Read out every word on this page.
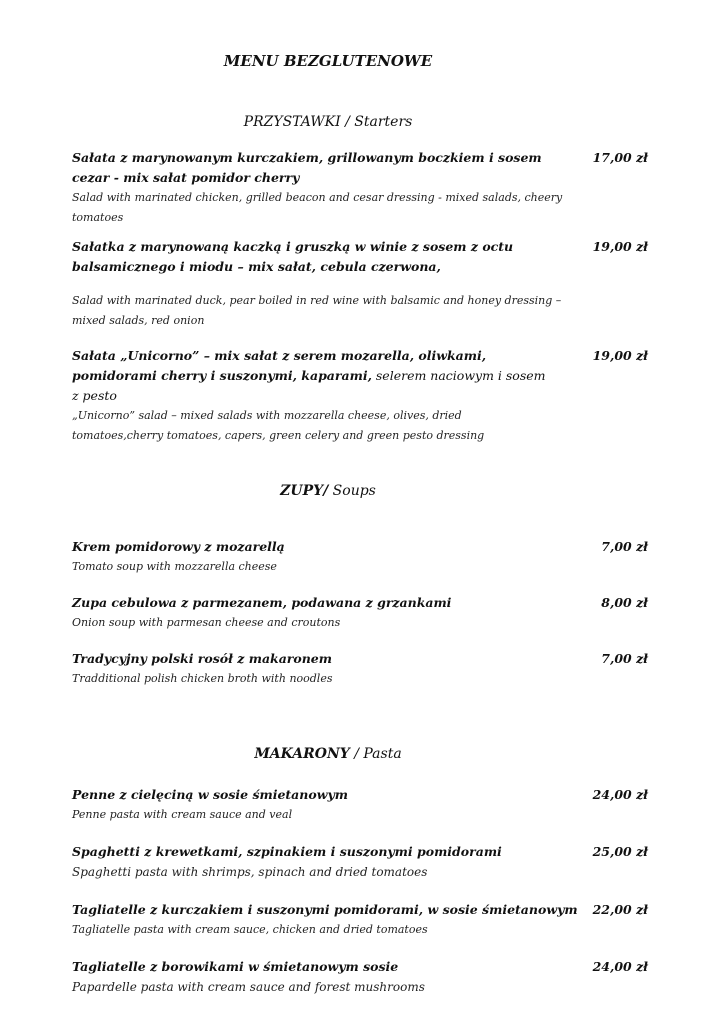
MENU BEZGLUTENOWE
PRZYSTAWKI / Starters
Sałata z marynowanym kurczakiem, grillowanym boczkiem i sosem cezar - mix sałat pomidor cherry
Salad with marinated chicken, grilled beacon and cesar dressing - mixed salads, cheery tomatoes
17,00 zł
Sałatka z marynowaną kaczką i gruszką w winie z sosem z octu balsamicznego i miodu – mix sałat, cebula czerwona,
Salad with marinated duck, pear boiled in red wine with balsamic and honey dressing – mixed salads, red onion
19,00 zł
Sałata „Unicorno” – mix sałat z serem mozarella, oliwkami, pomidorami cherry i suszonymi, kaparami, selerem naciowym i sosem z pesto
„Unicorno” salad – mixed salads with mozzarella cheese, olives, dried tomatoes,cherry tomatoes, capers, green celery and green pesto dressing
19,00 zł
ZUPY/ Soups
Krem pomidorowy z mozarellą
Tomato soup with mozzarella cheese
7,00 zł
Zupa cebulowa z parmezanem, podawana z grzankami
Onion soup with parmesan cheese and croutons
8,00 zł
Tradycyjny polski rosół z makaronem
Tradditional polish chicken broth with noodles
7,00 zł
MAKARONY / Pasta
Penne z cielęciną w sosie śmietanowym
Penne pasta with cream sauce and veal
24,00 zł
Spaghetti z krewetkami, szpinakiem i suszonymi pomidorami
Spaghetti pasta with shrimps, spinach and dried tomatoes
25,00 zł
Tagliatelle z kurczakiem i suszonymi pomidorami, w sosie śmietanowym
Tagliatelle pasta with cream sauce, chicken and dried tomatoes
22,00 zł
Tagliatelle z borowikami w śmietanowym sosie
Papardelle pasta with cream sauce and forest mushrooms
24,00 zł
